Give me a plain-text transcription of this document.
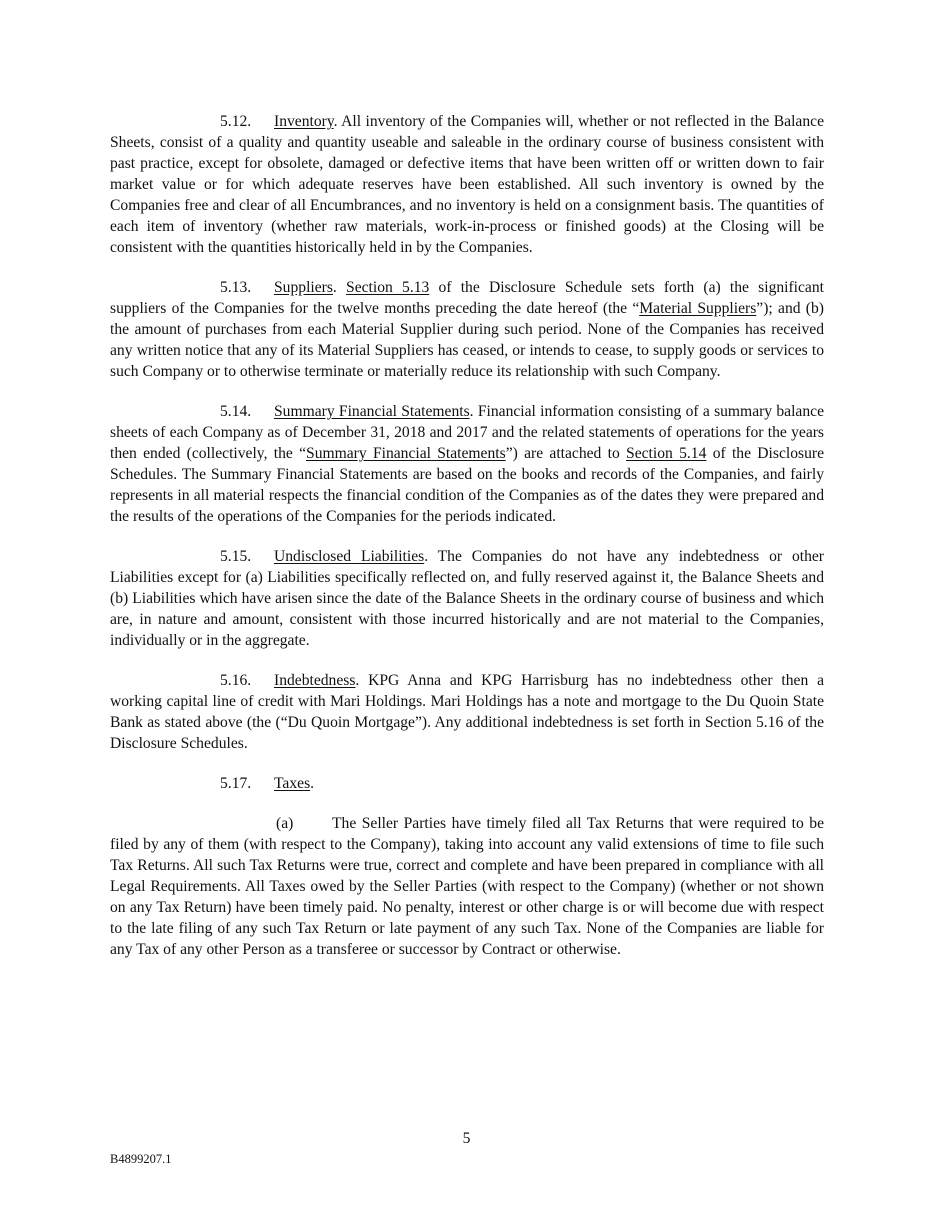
5.12. Inventory. All inventory of the Companies will, whether or not reflected in the Balance Sheets, consist of a quality and quantity useable and saleable in the ordinary course of business consistent with past practice, except for obsolete, damaged or defective items that have been written off or written down to fair market value or for which adequate reserves have been established. All such inventory is owned by the Companies free and clear of all Encumbrances, and no inventory is held on a consignment basis. The quantities of each item of inventory (whether raw materials, work-in-process or finished goods) at the Closing will be consistent with the quantities historically held in by the Companies.

5.13. Suppliers. Section 5.13 of the Disclosure Schedule sets forth (a) the significant suppliers of the Companies for the twelve months preceding the date hereof (the “Material Suppliers”); and (b) the amount of purchases from each Material Supplier during such period. None of the Companies has received any written notice that any of its Material Suppliers has ceased, or intends to cease, to supply goods or services to such Company or to otherwise terminate or materially reduce its relationship with such Company.

5.14. Summary Financial Statements. Financial information consisting of a summary balance sheets of each Company as of December 31, 2018 and 2017 and the related statements of operations for the years then ended (collectively, the “Summary Financial Statements”) are attached to Section 5.14 of the Disclosure Schedules. The Summary Financial Statements are based on the books and records of the Companies, and fairly represents in all material respects the financial condition of the Companies as of the dates they were prepared and the results of the operations of the Companies for the periods indicated.

5.15. Undisclosed Liabilities. The Companies do not have any indebtedness or other Liabilities except for (a) Liabilities specifically reflected on, and fully reserved against it, the Balance Sheets and (b) Liabilities which have arisen since the date of the Balance Sheets in the ordinary course of business and which are, in nature and amount, consistent with those incurred historically and are not material to the Companies, individually or in the aggregate.

5.16. Indebtedness. KPG Anna and KPG Harrisburg has no indebtedness other then a working capital line of credit with Mari Holdings. Mari Holdings has a note and mortgage to the Du Quoin State Bank as stated above (the (“Du Quoin Mortgage”). Any additional indebtedness is set forth in Section 5.16 of the Disclosure Schedules.

5.17. Taxes.

(a) The Seller Parties have timely filed all Tax Returns that were required to be filed by any of them (with respect to the Company), taking into account any valid extensions of time to file such Tax Returns. All such Tax Returns were true, correct and complete and have been prepared in compliance with all Legal Requirements. All Taxes owed by the Seller Parties (with respect to the Company) (whether or not shown on any Tax Return) have been timely paid. No penalty, interest or other charge is or will become due with respect to the late filing of any such Tax Return or late payment of any such Tax. None of the Companies are liable for any Tax of any other Person as a transferee or successor by Contract or otherwise.

5
B4899207.1
